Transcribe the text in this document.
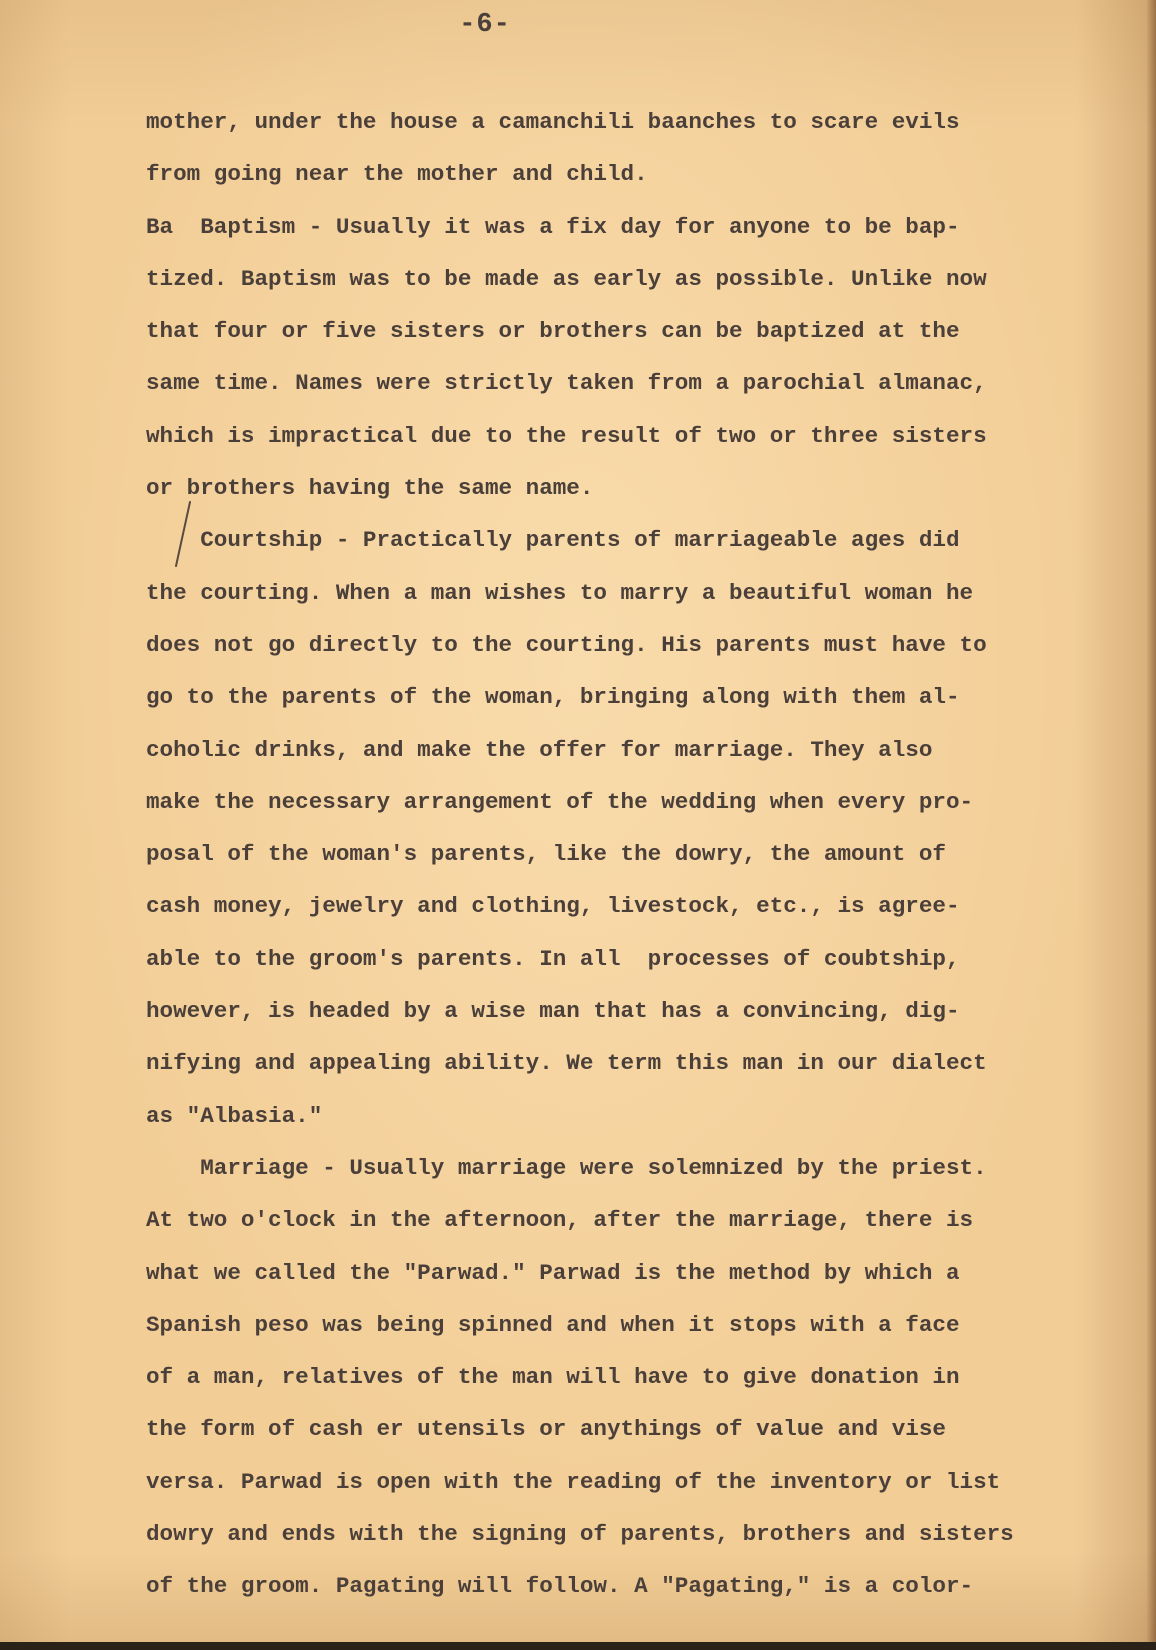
-6-
mother, under the house a camanchili baanches to scare evils
from going near the mother and child.
Ba  Baptism - Usually it was a fix day for anyone to be bap-
tized. Baptism was to be made as early as possible. Unlike now
that four or five sisters or brothers can be baptized at the
same time. Names were strictly taken from a parochial almanac,
which is impractical due to the result of two or three sisters
or brothers having the same name.
Courtship - Practically parents of marriageable ages did
the courting. When a man wishes to marry a beautiful woman he
does not go directly to the courting. His parents must have to
go to the parents of the woman, bringing along with them al-
coholic drinks, and make the offer for marriage. They also
make the necessary arrangement of the wedding when every pro-
posal of the woman's parents, like the dowry, the amount of
cash money, jewelry and clothing, livestock, etc., is agree-
able to the groom's parents. In all  processes of coubtship,
however, is headed by a wise man that has a convincing, dig-
nifying and appealing ability. We term this man in our dialect
as "Albasia."
Marriage - Usually marriage were solemnized by the priest.
At two o'clock in the afternoon, after the marriage, there is
what we called the "Parwad." Parwad is the method by which a
Spanish peso was being spinned and when it stops with a face
of a man, relatives of the man will have to give donation in
the form of cash er utensils or anythings of value and vise
versa. Parwad is open with the reading of the inventory or list
dowry and ends with the signing of parents, brothers and sisters
of the groom. Pagating will follow. A "Pagating," is a color-
